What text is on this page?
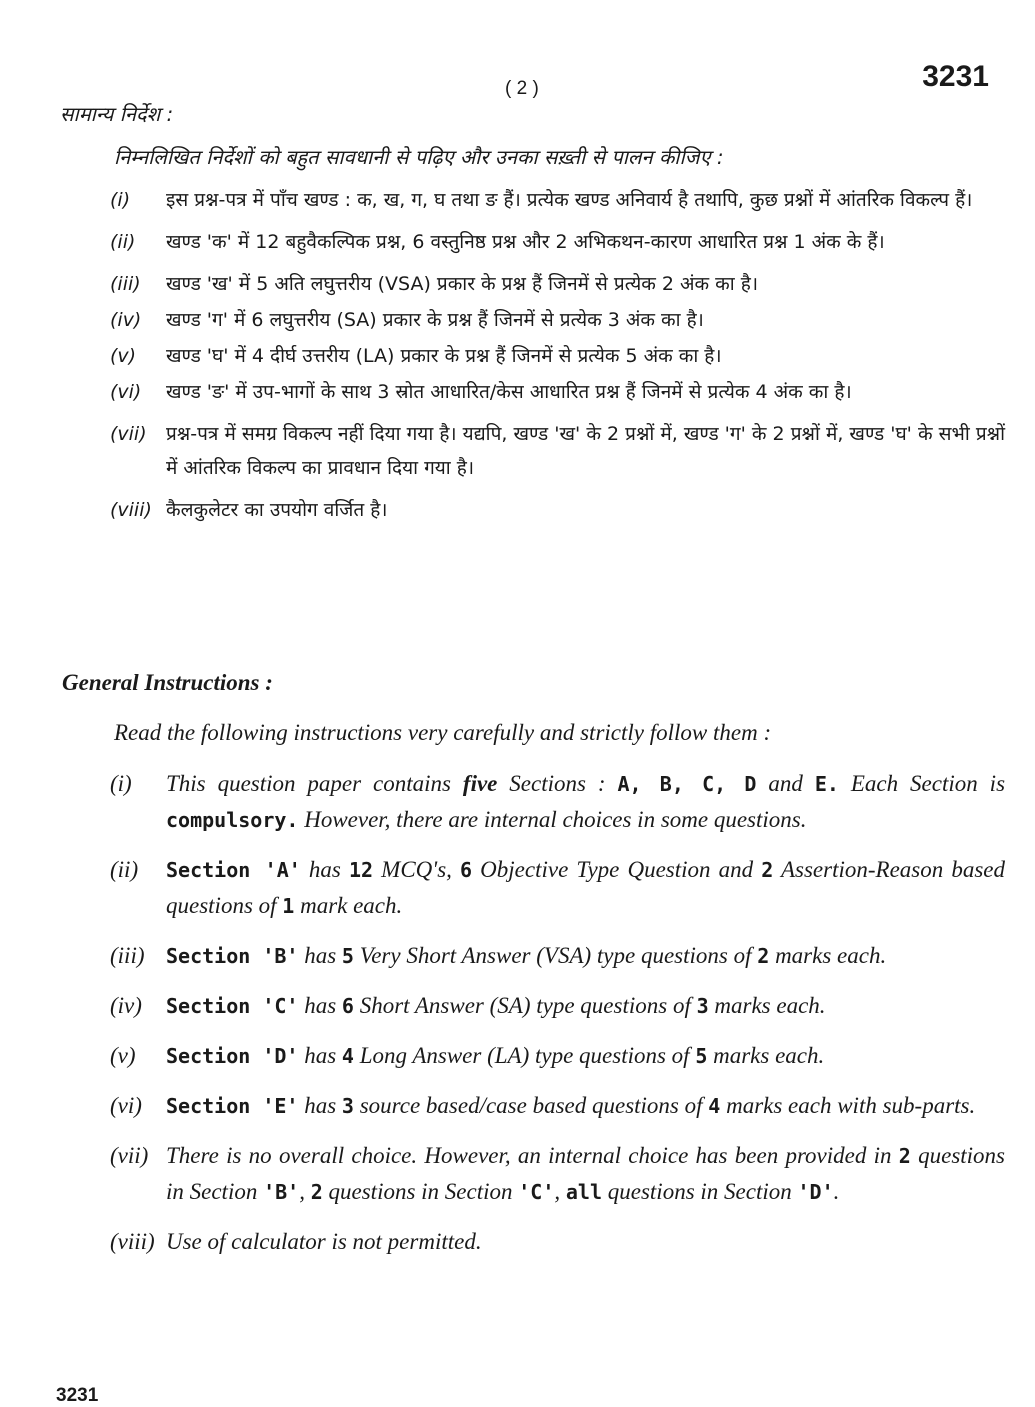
( 2 )	3231
सामान्य निर्देश :
निम्नलिखित निर्देशों को बहुत सावधानी से पढ़िए और उनका सख़्ती से पालन कीजिए :
(i)	इस प्रश्न-पत्र में पाँच खण्ड : क, ख, ग, घ तथा ङ हैं। प्रत्येक खण्ड अनिवार्य है तथापि, कुछ प्रश्नों में आंतरिक विकल्प हैं।
(ii)	खण्ड 'क' में 12 बहुवैकल्पिक प्रश्न, 6 वस्तुनिष्ठ प्रश्न और 2 अभिकथन-कारण आधारित प्रश्न 1 अंक के हैं।
(iii)	खण्ड 'ख' में 5 अति लघुत्तरीय (VSA) प्रकार के प्रश्न हैं जिनमें से प्रत्येक 2 अंक का है।
(iv)	खण्ड 'ग' में 6 लघुत्तरीय (SA) प्रकार के प्रश्न हैं जिनमें से प्रत्येक 3 अंक का है।
(v)	खण्ड 'घ' में 4 दीर्घ उत्तरीय (LA) प्रकार के प्रश्न हैं जिनमें से प्रत्येक 5 अंक का है।
(vi)	खण्ड 'ङ' में उप-भागों के साथ 3 स्रोत आधारित/केस आधारित प्रश्न हैं जिनमें से प्रत्येक 4 अंक का है।
(vii)	प्रश्न-पत्र में समग्र विकल्प नहीं दिया गया है। यद्यपि, खण्ड 'ख' के 2 प्रश्नों में, खण्ड 'ग' के 2 प्रश्नों में, खण्ड 'घ' के सभी प्रश्नों में आंतरिक विकल्प का प्रावधान दिया गया है।
(viii) कैलकुलेटर का उपयोग वर्जित है।
General Instructions :
Read the following instructions very carefully and strictly follow them :
(i)	This question paper contains five Sections : A, B, C, D and E. Each Section is compulsory. However, there are internal choices in some questions.
(ii)	Section 'A' has 12 MCQ's, 6 Objective Type Question and 2 Assertion-Reason based questions of 1 mark each.
(iii)	Section 'B' has 5 Very Short Answer (VSA) type questions of 2 marks each.
(iv)	Section 'C' has 6 Short Answer (SA) type questions of 3 marks each.
(v)	Section 'D' has 4 Long Answer (LA) type questions of 5 marks each.
(vi)	Section 'E' has 3 source based/case based questions of 4 marks each with sub-parts.
(vii) There is no overall choice. However, an internal choice has been provided in 2 questions in Section 'B', 2 questions in Section 'C', all questions in Section 'D'.
(viii) Use of calculator is not permitted.
3231
